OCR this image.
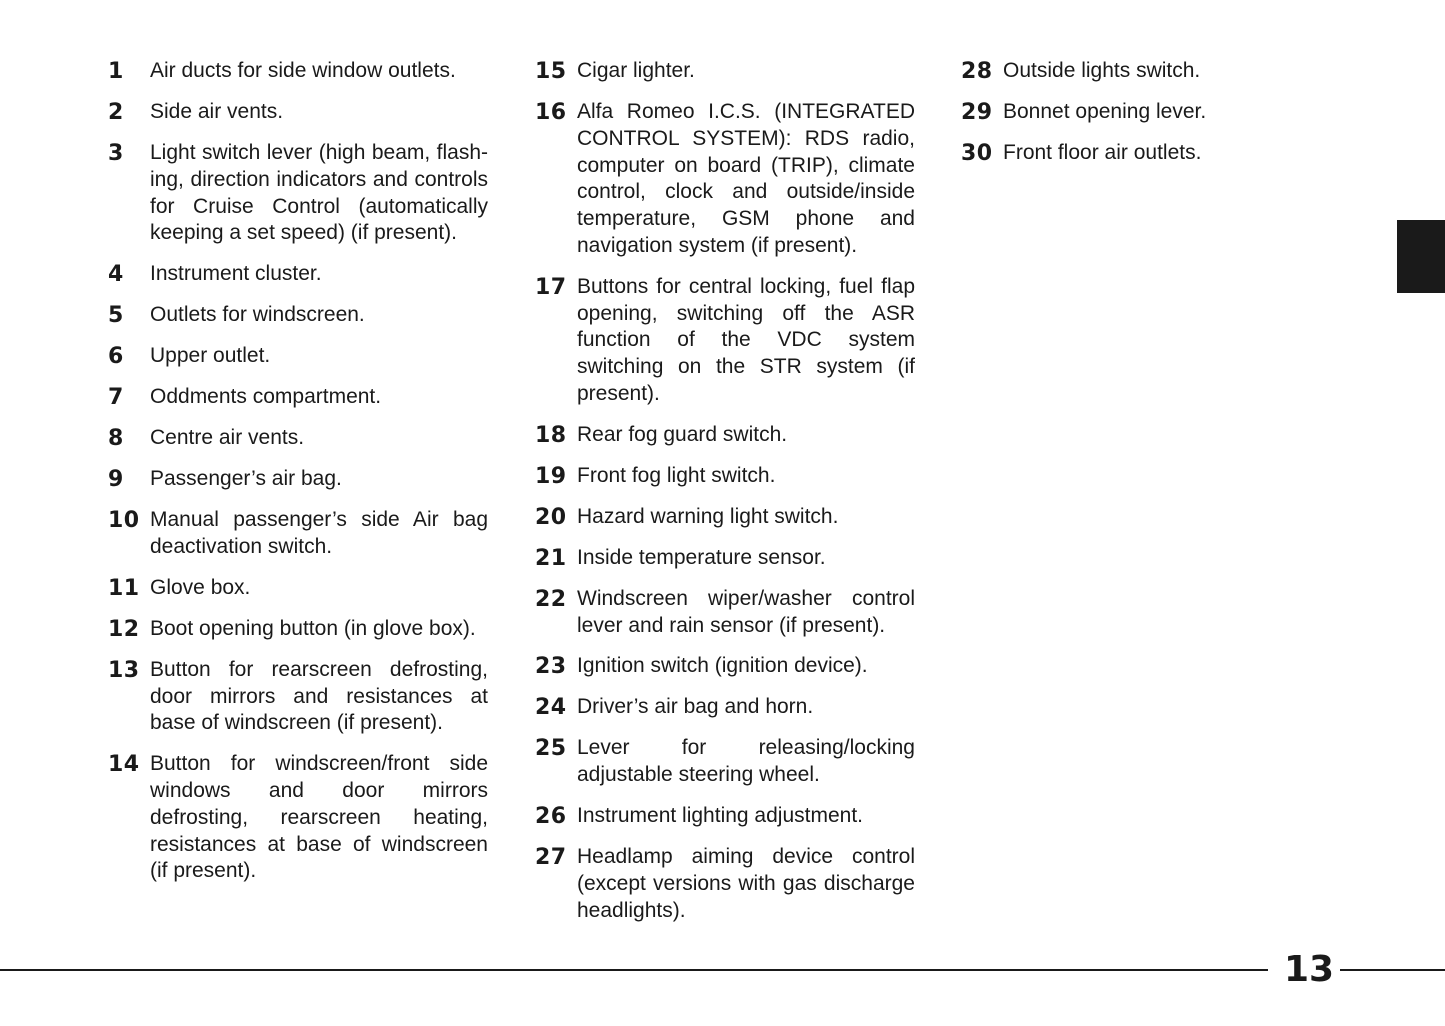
1	Air ducts for side window outlets.
2	Side air vents.
3	Light switch lever (high beam, flash-ing, direction indicators and controls for Cruise Control (automatically keeping a set speed) (if present).
4	Instrument cluster.
5	Outlets for windscreen.
6	Upper outlet.
7	Oddments compartment.
8	Centre air vents.
9	Passenger’s air bag.
10 Manual passenger’s side Air bag deactivation switch.
11 Glove box.
12 Boot opening button (in glove box).
13 Button for rearscreen defrosting, door mirrors and resistances at base of windscreen (if present).
14 Button for windscreen/front side windows and door mirrors defrosting, rearscreen heating, resistances at base of windscreen (if present).
15 Cigar lighter.
16 Alfa Romeo I.C.S. (INTEGRATED CONTROL SYSTEM): RDS radio, computer on board (TRIP), climate control, clock and outside/inside temperature, GSM phone and navigation system (if present).
17 Buttons for central locking, fuel flap opening, switching off the ASR function of the VDC system switching on the STR system (if present).
18 Rear fog guard switch.
19 Front fog light switch.
20 Hazard warning light switch.
21 Inside temperature sensor.
22 Windscreen wiper/washer control lever and rain sensor (if present).
23 Ignition switch (ignition device).
24 Driver’s air bag and horn.
25 Lever for releasing/locking adjustable steering wheel.
26 Instrument lighting adjustment.
27 Headlamp aiming device control (except versions with gas discharge headlights).
28 Outside lights switch.
29 Bonnet opening lever.
30 Front floor air outlets.
13
